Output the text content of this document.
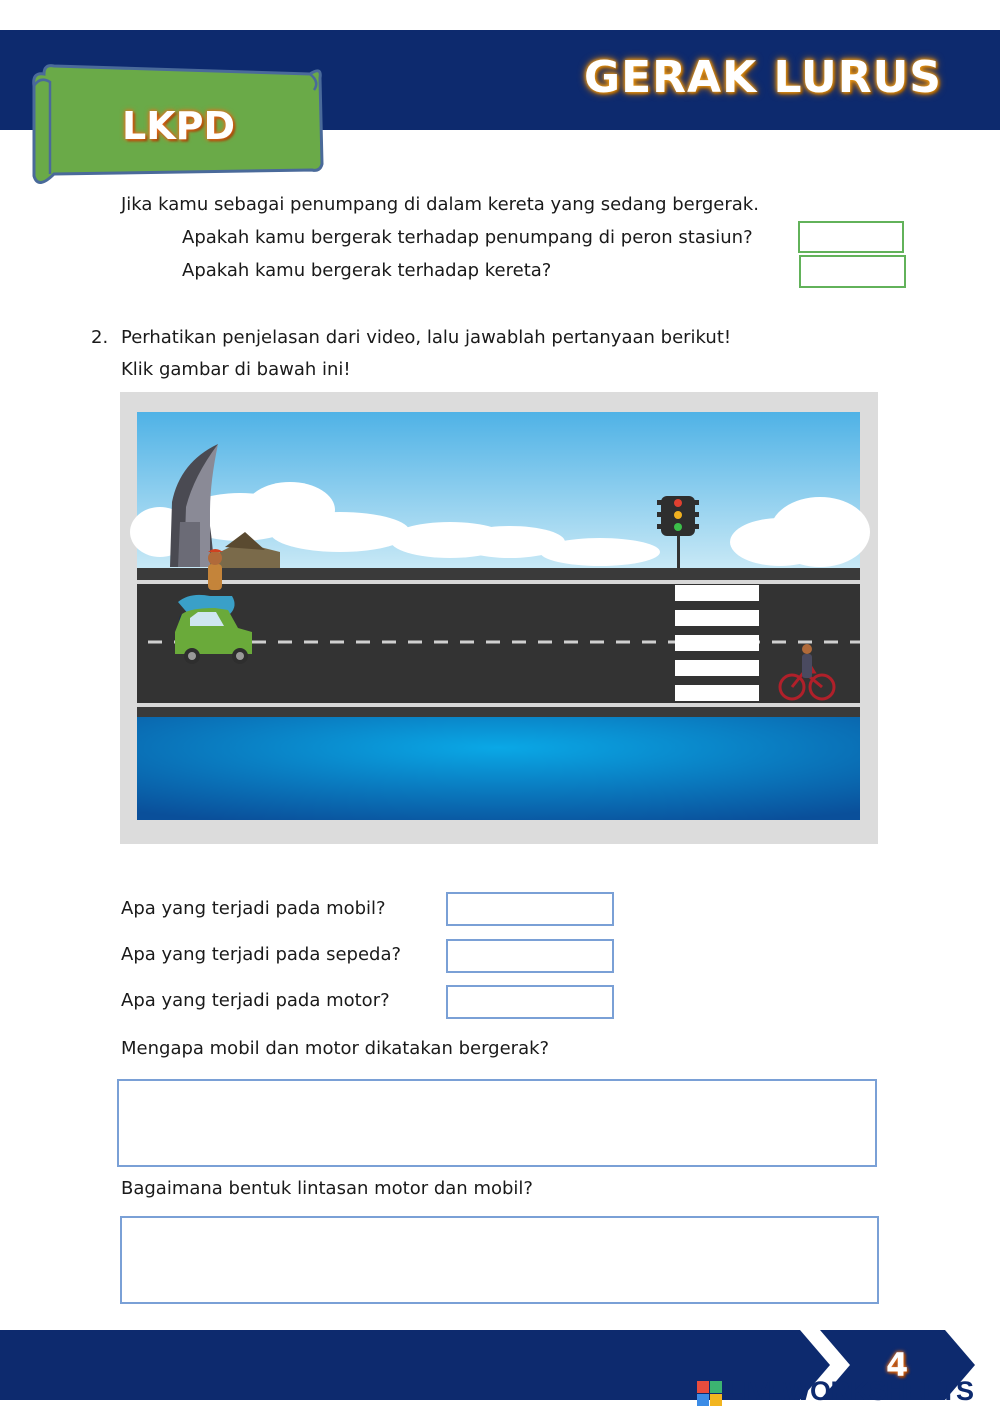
GERAK LURUS
LKPD
Jika kamu sebagai penumpang di dalam kereta yang sedang bergerak.
Apakah kamu bergerak terhadap penumpang di peron stasiun?
Apakah kamu bergerak terhadap kereta?
2. Perhatikan penjelasan dari video, lalu jawablah pertanyaan berikut!
Klik gambar di bawah ini!
Apa yang terjadi pada mobil?
Apa yang terjadi pada sepeda?
Apa yang terjadi pada motor?
Mengapa mobil dan motor dikatakan bergerak?
Bagaimana bentuk lintasan motor dan mobil?
4
LIVEWORKSHEETS
